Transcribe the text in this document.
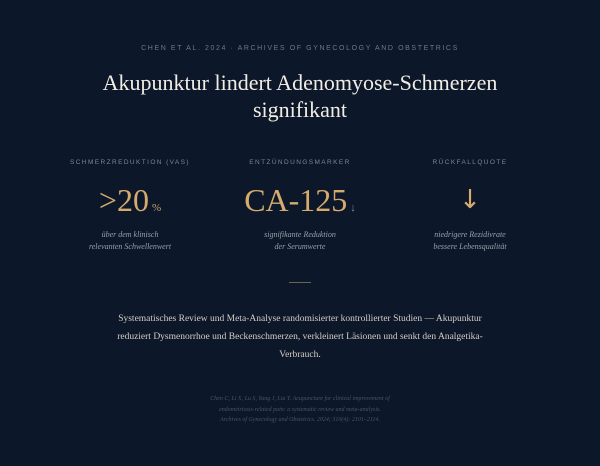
CHEN ET AL. 2024 · ARCHIVES OF GYNECOLOGY AND OBSTETRICS
Akupunktur lindert Adenomyose-Schmerzen signifikant
SCHMERZREDUKTION (VAS)
>20 %
über dem klinisch
relevanten Schwellenwert
ENTZÜNDUNGSMARKER
CA-125 ↓
signifikante Reduktion
der Serumwerte
RÜCKFALLQUOTE
↓
niedrigere Rezidivrate
bessere Lebensqualität

Systematisches Review und Meta-Analyse randomisierter kontrollierter Studien — Akupunktur reduziert Dysmenorrhoe und Beckenschmerzen, verkleinert Läsionen und senkt den Analgetika-Verbrauch.

Chen C, Li X, Lu S, Yang J, Liu Y. Acupuncture for clinical improvement of
endometriosis-related pain: a systematic review and meta-analysis.
Archives of Gynecology and Obstetrics. 2024; 310(4): 2101–2114.
